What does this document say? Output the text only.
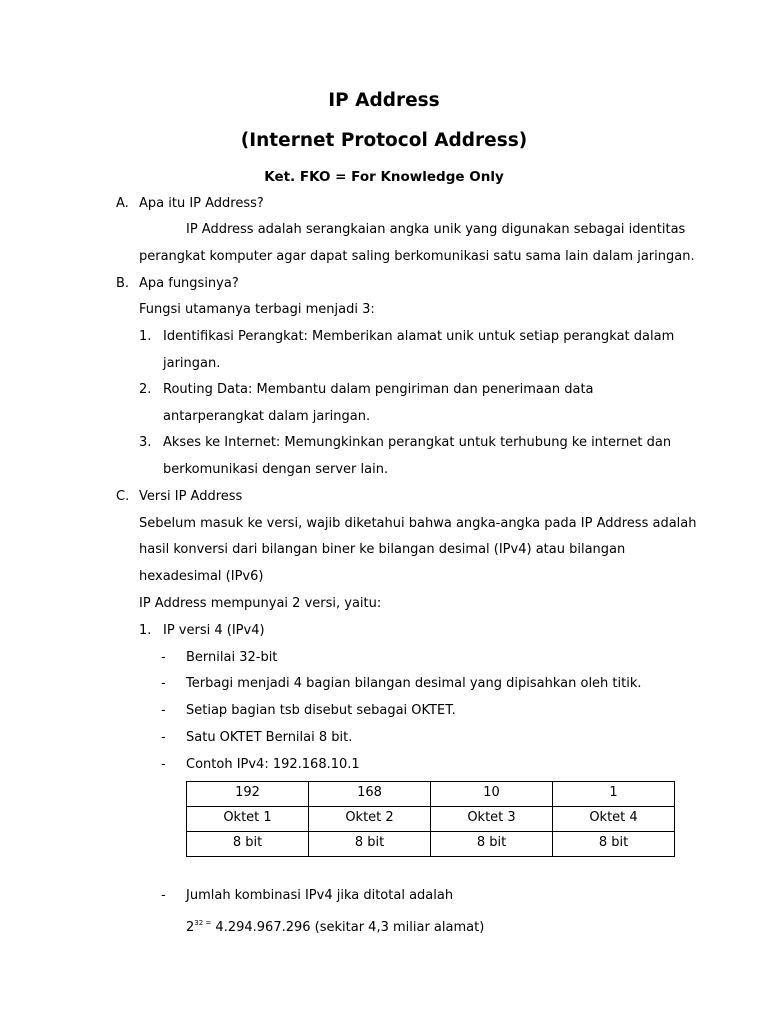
IP Address
(Internet Protocol Address)
Ket. FKO = For Knowledge Only
A. Apa itu IP Address?
IP Address adalah serangkaian angka unik yang digunakan sebagai identitas
perangkat komputer agar dapat saling berkomunikasi satu sama lain dalam jaringan.
B. Apa fungsinya?
Fungsi utamanya terbagi menjadi 3:
1. Identifikasi Perangkat: Memberikan alamat unik untuk setiap perangkat dalam
jaringan.
2. Routing Data: Membantu dalam pengiriman dan penerimaan data
antarperangkat dalam jaringan.
3. Akses ke Internet: Memungkinkan perangkat untuk terhubung ke internet dan
berkomunikasi dengan server lain.
C. Versi IP Address
Sebelum masuk ke versi, wajib diketahui bahwa angka-angka pada IP Address adalah
hasil konversi dari bilangan biner ke bilangan desimal (IPv4) atau bilangan
hexadesimal (IPv6)
IP Address mempunyai 2 versi, yaitu:
1. IP versi 4 (IPv4)
- Bernilai 32-bit
- Terbagi menjadi 4 bagian bilangan desimal yang dipisahkan oleh titik.
- Setiap bagian tsb disebut sebagai OKTET.
- Satu OKTET Bernilai 8 bit.
- Contoh IPv4: 192.168.10.1
192	168	10	1
Oktet 1	Oktet 2	Oktet 3	Oktet 4
8 bit	8 bit	8 bit	8 bit
- Jumlah kombinasi IPv4 jika ditotal adalah
$2^{32 =}$ 4.294.967.296 (sekitar 4,3 miliar alamat)
